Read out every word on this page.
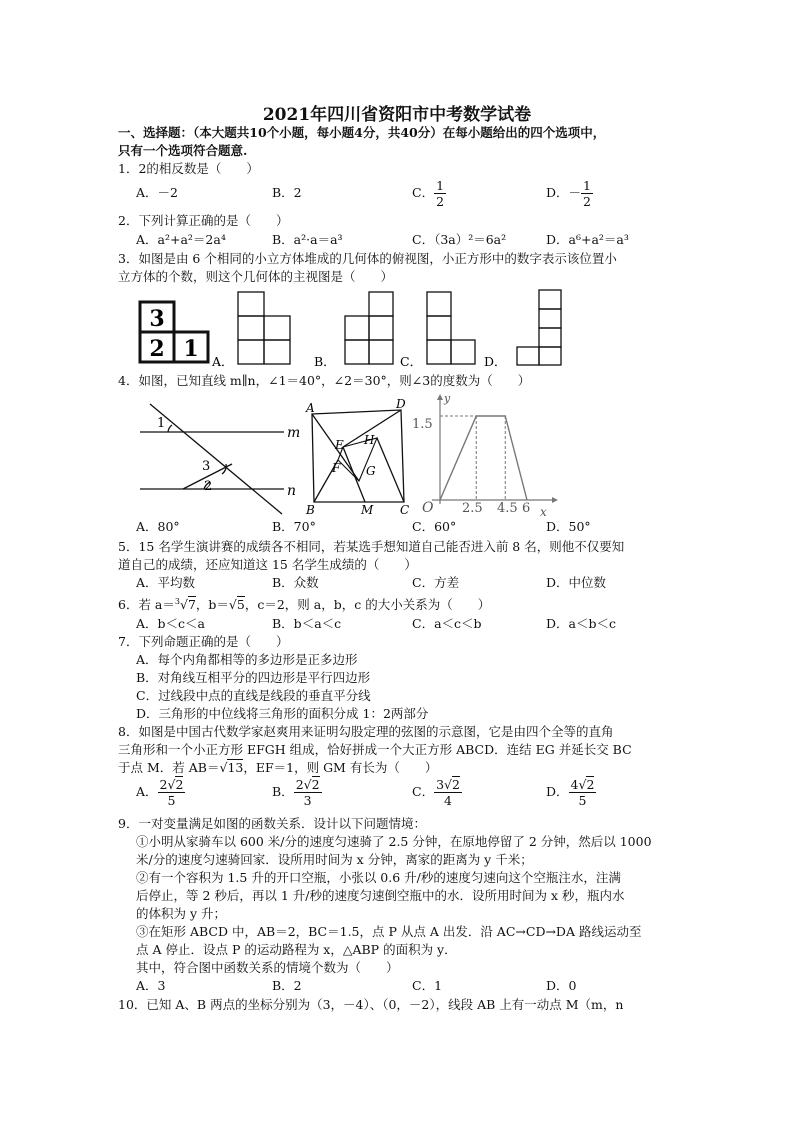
2021年四川省资阳市中考数学试卷
一、选择题：（本大题共10个小题，每小题4分，共40分）在每小题给出的四个选项中，
只有一个选项符合题意.
1．2的相反数是（　　）
A．－2	B．2	C． $\frac{1}{2}$	D．－ $\frac{1}{2}$
2．下列计算正确的是（　　）
A．a²+a²＝2a⁴	B．a²·a＝a³	C．（3a）²＝6a²	D．a⁶+a²＝a³
3．如图是由 6 个相同的小立方体堆成的几何体的俯视图，小正方形中的数字表示该位置小
立方体的个数，则这个几何体的主视图是（　　）
3
2 1 A．	B．	C．	D．
4．如图，已知直线 m∥n，∠1＝40°，∠2＝30°，则∠3的度数为（　　）
1
2
3
m
n
A	D
B	C
E
F G
H
M
y
x
O
1.5
2.5 4.5 6
A．80°	B．70°	C．60°	D．50°
5．15 名学生演讲赛的成绩各不相同，若某选手想知道自己能否进入前 8 名，则他不仅要知
道自己的成绩，还应知道这 15 名学生成绩的（　　）
A．平均数	B．众数	C．方差	D．中位数
6．若 a＝$^3$√7，b＝√5，c＝2，则 a，b，c 的大小关系为（　　）
A．b＜c＜a	B．b＜a＜c	C．a＜c＜b	D．a＜b＜c
7．下列命题正确的是（　　）
A．每个内角都相等的多边形是正多边形
B．对角线互相平分的四边形是平行四边形
C．过线段中点的直线是线段的垂直平分线
D．三角形的中位线将三角形的面积分成 1：2两部分
8．如图是中国古代数学家赵爽用来证明勾股定理的弦图的示意图，它是由四个全等的直角
三角形和一个小正方形 EFGH 组成，恰好拼成一个大正方形 ABCD．连结 EG 并延长交 BC
于点 M．若 AB＝√13，EF＝1，则 GM 有长为（　　）
A． $\frac{2√2}{5}$	B． $\frac{2√2}{3}$	C． $\frac{3√2}{4}$	D． $\frac{4√2}{5}$
9．一对变量满足如图的函数关系．设计以下问题情境：
①小明从家骑车以 600 米/分的速度匀速骑了 2.5 分钟，在原地停留了 2 分钟，然后以 1000
米/分的速度匀速骑回家．设所用时间为 x 分钟，离家的距离为 y 千米；
②有一个容积为 1.5 升的开口空瓶，小张以 0.6 升/秒的速度匀速向这个空瓶注水，注满
后停止，等 2 秒后，再以 1 升/秒的速度匀速倒空瓶中的水．设所用时间为 x 秒，瓶内水
的体积为 y 升；
③在矩形 ABCD 中，AB＝2，BC＝1.5，点 P 从点 A 出发．沿 AC→CD→DA 路线运动至
点 A 停止．设点 P 的运动路程为 x，△ABP 的面积为 y．
其中，符合图中函数关系的情境个数为（　　）
A．3	B．2	C．1	D．0
10．已知 A、B 两点的坐标分别为（3，－4）、（0，－2），线段 AB 上有一动点 M（m，n
